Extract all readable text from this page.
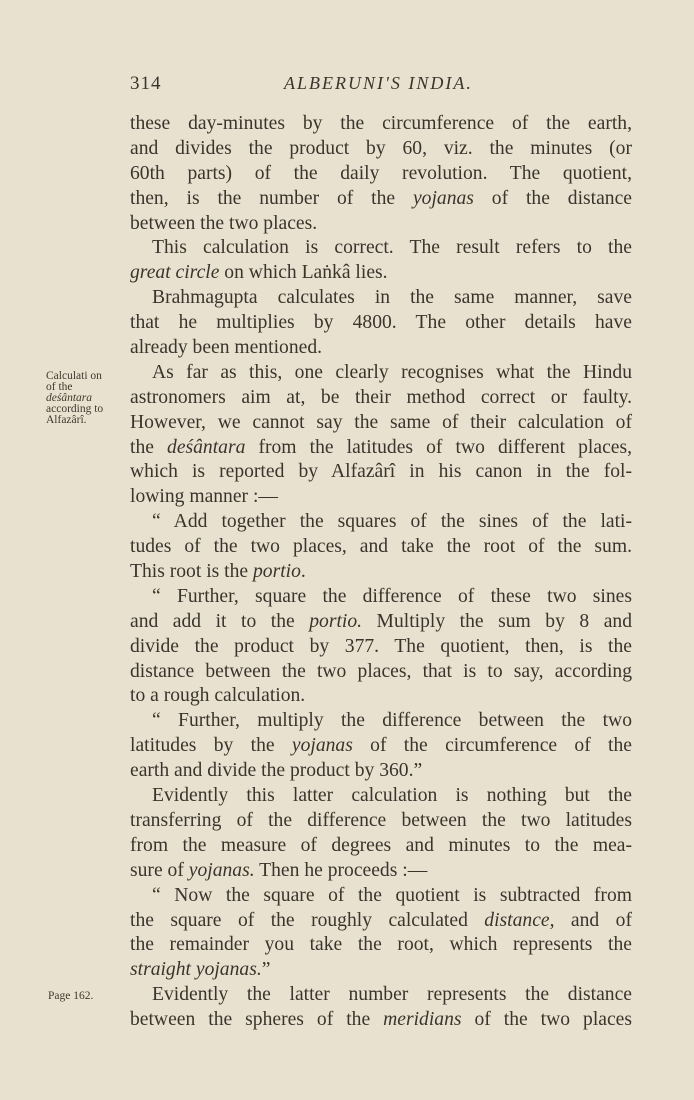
314	ALBERUNI'S INDIA.
Calculati on
of the
deśântara
according to
Alfazârî.
Page 162.
these day-minutes by the circumference of the earth,
and divides the product by 60, viz. the minutes (or
60th parts) of the daily revolution. The quotient,
then, is the number of the yojanas of the distance
between the two places.
This calculation is correct. The result refers to the
great circle on which Laṅkâ lies.
Brahmagupta calculates in the same manner, save
that he multiplies by 4800. The other details have
already been mentioned.
As far as this, one clearly recognises what the Hindu
astronomers aim at, be their method correct or faulty.
However, we cannot say the same of their calculation of
the deśântara from the latitudes of two different places,
which is reported by Alfazârî in his canon in the fol-
lowing manner :—
“ Add together the squares of the sines of the lati-
tudes of the two places, and take the root of the sum.
This root is the portio.
“ Further, square the difference of these two sines
and add it to the portio. Multiply the sum by 8 and
divide the product by 377. The quotient, then, is the
distance between the two places, that is to say, according
to a rough calculation.
“ Further, multiply the difference between the two
latitudes by the yojanas of the circumference of the
earth and divide the product by 360.”
Evidently this latter calculation is nothing but the
transferring of the difference between the two latitudes
from the measure of degrees and minutes to the mea-
sure of yojanas. Then he proceeds :—
“ Now the square of the quotient is subtracted from
the square of the roughly calculated distance, and of
the remainder you take the root, which represents the
straight yojanas.”
Evidently the latter number represents the distance
between the spheres of the meridians of the two places
